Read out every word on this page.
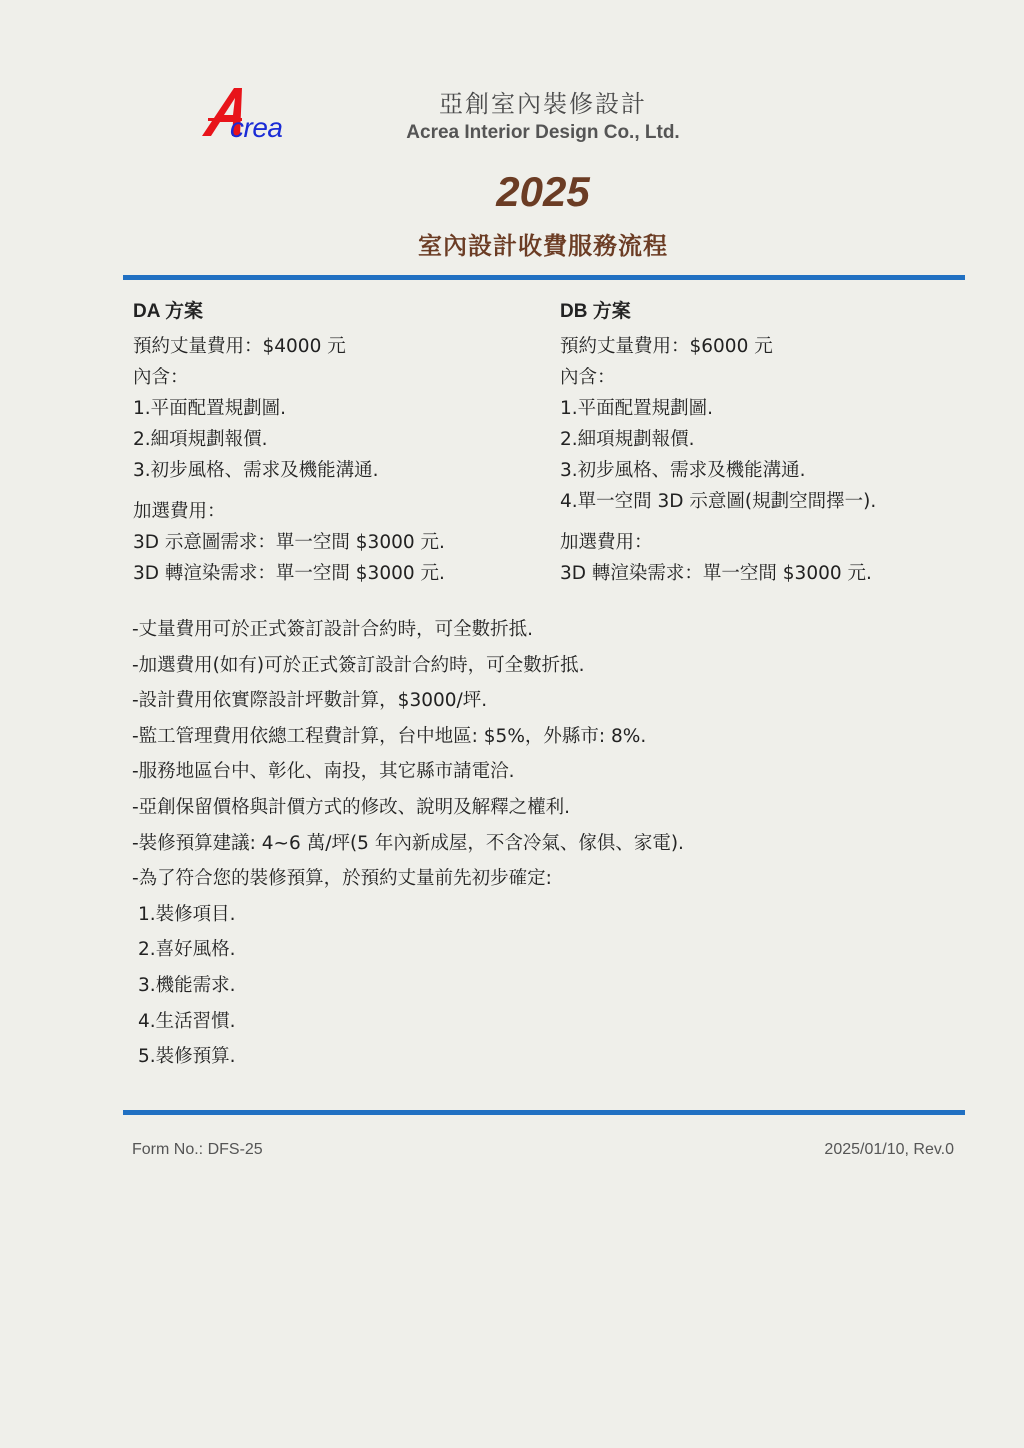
crea
亞創室內裝修設計
Acrea Interior Design Co., Ltd.
2025
室內設計收費服務流程
DA 方案
預約丈量費用：$4000 元
內含：
1.平面配置規劃圖.
2.細項規劃報價.
3.初步風格、需求及機能溝通.
加選費用：
3D 示意圖需求：單一空間 $3000 元.
3D 轉渲染需求：單一空間 $3000 元.
DB 方案
預約丈量費用：$6000 元
內含：
1.平面配置規劃圖.
2.細項規劃報價.
3.初步風格、需求及機能溝通.
4.單一空間 3D 示意圖(規劃空間擇一).
加選費用：
3D 轉渲染需求：單一空間 $3000 元.
-丈量費用可於正式簽訂設計合約時，可全數折抵.
-加選費用(如有)可於正式簽訂設計合約時，可全數折抵.
-設計費用依實際設計坪數計算，$3000/坪.
-監工管理費用依總工程費計算，台中地區: $5%，外縣市: 8%.
-服務地區台中、彰化、南投，其它縣市請電洽.
-亞創保留價格與計價方式的修改、說明及解釋之權利.
-裝修預算建議: 4~6 萬/坪(5 年內新成屋，不含冷氣、傢俱、家電).
-為了符合您的裝修預算，於預約丈量前先初步確定:
1.裝修項目.
2.喜好風格.
3.機能需求.
4.生活習慣.
5.裝修預算.
Form No.: DFS-25	2025/01/10, Rev.0
